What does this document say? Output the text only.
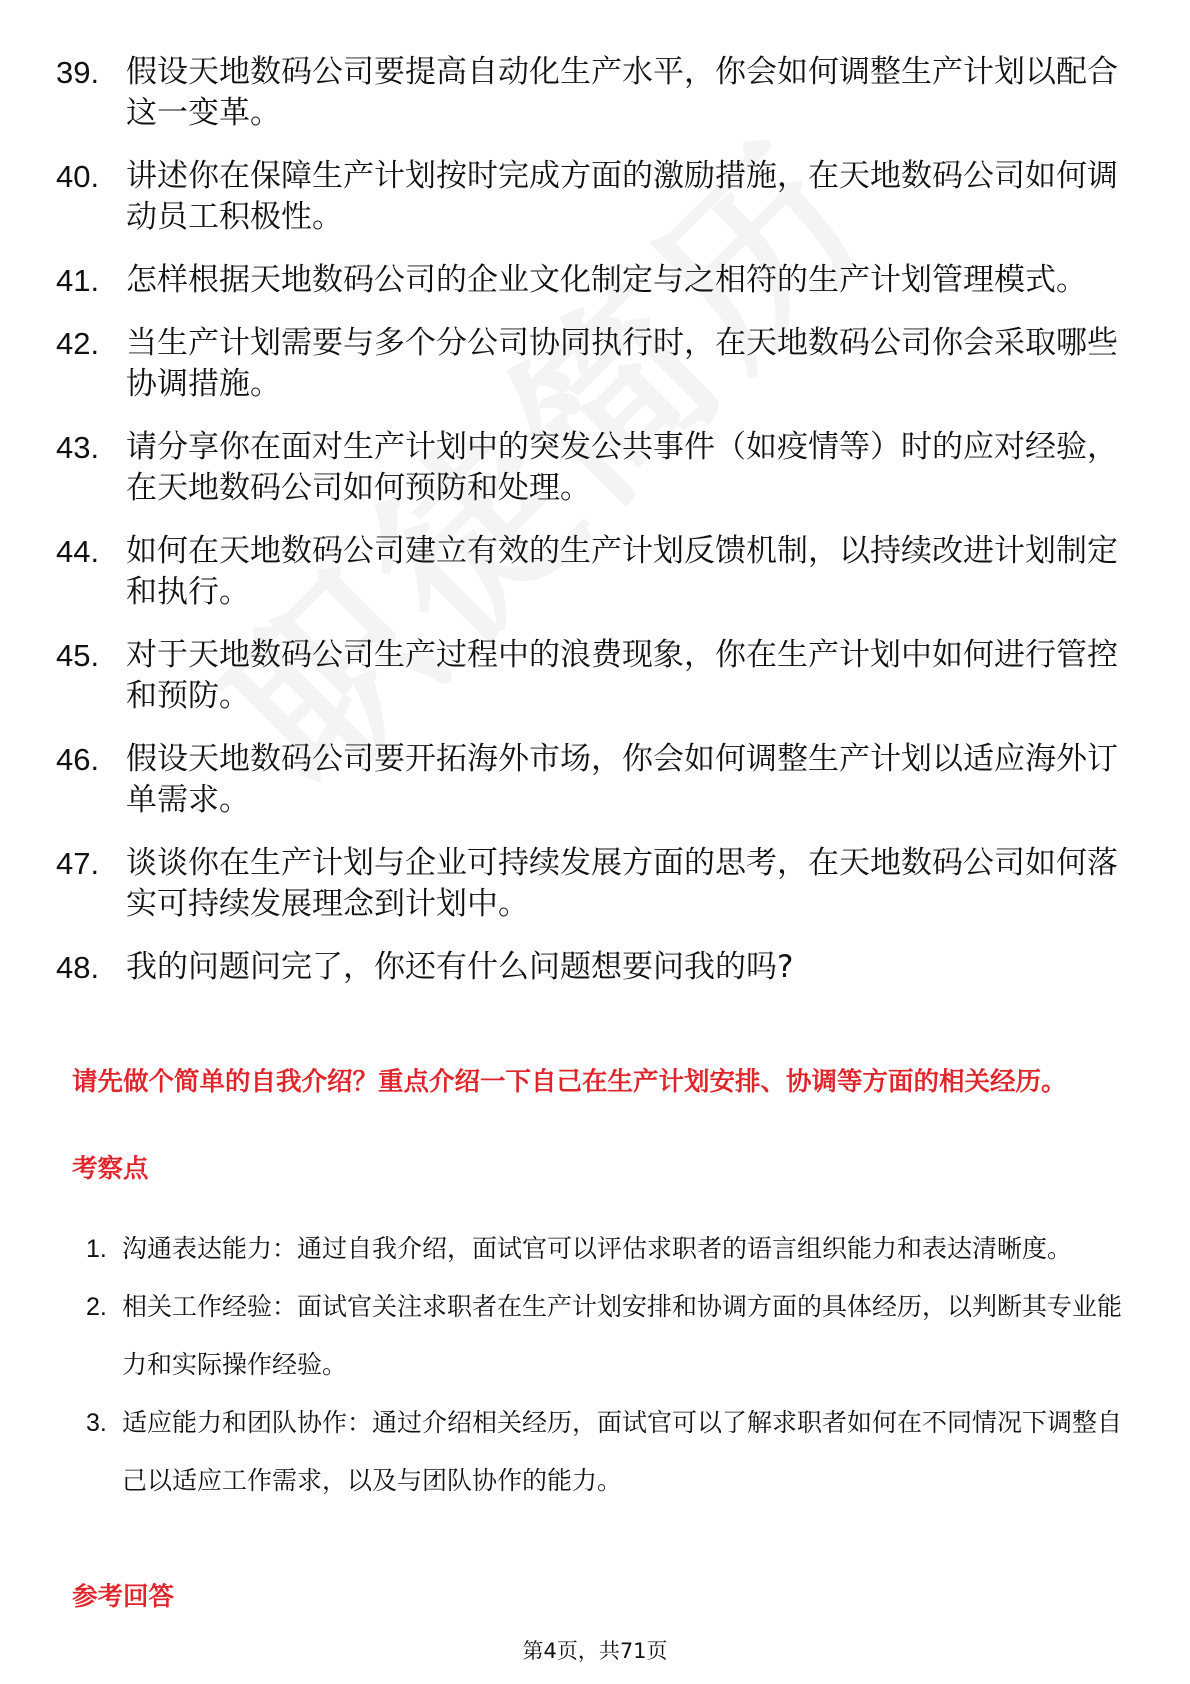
39. 假设天地数码公司要提高自动化生产水平，你会如何调整生产计划以配合这一变革。
40. 讲述你在保障生产计划按时完成方面的激励措施，在天地数码公司如何调动员工积极性。
41. 怎样根据天地数码公司的企业文化制定与之相符的生产计划管理模式。
42. 当生产计划需要与多个分公司协同执行时，在天地数码公司你会采取哪些协调措施。
43. 请分享你在面对生产计划中的突发公共事件（如疫情等）时的应对经验，在天地数码公司如何预防和处理。
44. 如何在天地数码公司建立有效的生产计划反馈机制，以持续改进计划制定和执行。
45. 对于天地数码公司生产过程中的浪费现象，你在生产计划中如何进行管控和预防。
46. 假设天地数码公司要开拓海外市场，你会如何调整生产计划以适应海外订单需求。
47. 谈谈你在生产计划与企业可持续发展方面的思考，在天地数码公司如何落实可持续发展理念到计划中。
48. 我的问题问完了，你还有什么问题想要问我的吗?
请先做个简单的自我介绍？重点介绍一下自己在生产计划安排、协调等方面的相关经历。
考察点
1. 沟通表达能力：通过自我介绍，面试官可以评估求职者的语言组织能力和表达清晰度。
2. 相关工作经验：面试官关注求职者在生产计划安排和协调方面的具体经历，以判断其专业能力和实际操作经验。
3. 适应能力和团队协作：通过介绍相关经历，面试官可以了解求职者如何在不同情况下调整自己以适应工作需求，以及与团队协作的能力。
参考回答
第4页，共71页
